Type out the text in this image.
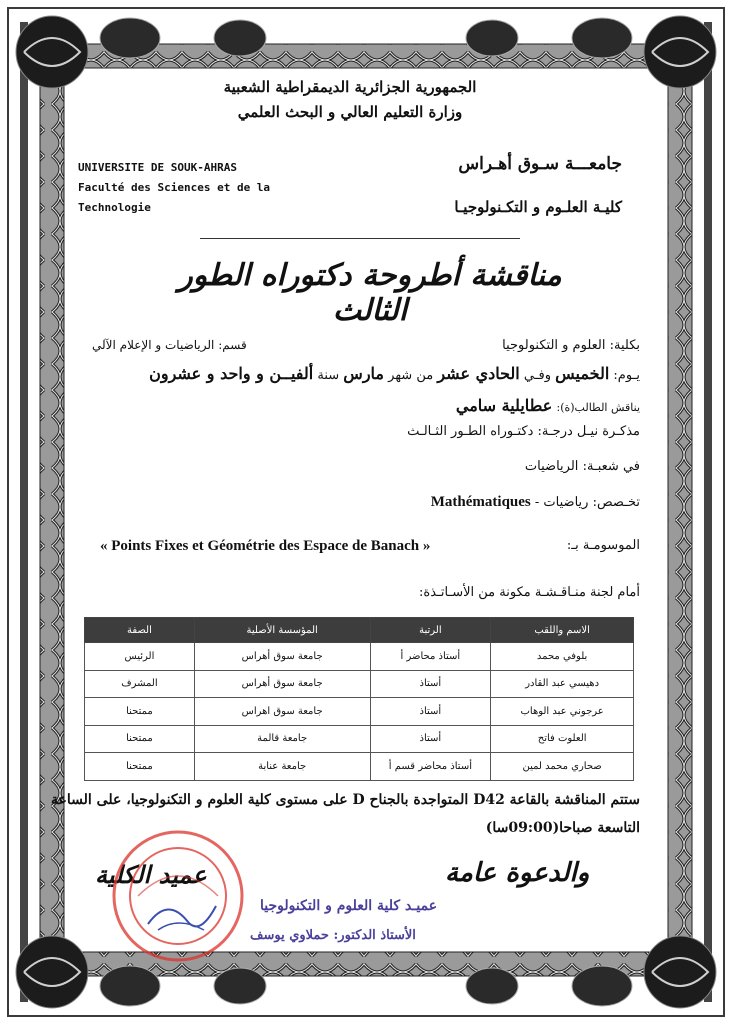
الجمهورية الجزائرية الديمقراطية الشعبية
وزارة التعليم العالي و البحث العلمي
UNIVERSITE DE SOUK-AHRAS
Faculté des Sciences et de la
Technologie
جامعـــة سـوق أهـراس
كليـة العلـوم و التكـنولوجيـا
مناقشة أطروحة دكتوراه الطور الثالث
بكلية: العلوم و التكنولوجيا
قسم: الرياضيات و الإعلام الآلي
يـوم: الخميس وفـي الحادي عشر من شهر مارس سنة ألفيــن و واحد و عشرون
يناقش الطالب(ة): عطايلية سامي
مذكـرة نيـل درجـة: دكتـوراه الطـور الثـالـث
في شعبـة: الرياضيات
تخـصص: رياضيات - Mathématiques
الموسومـة بـ:
« Points Fixes et Géométrie des Espace de Banach »
أمام لجنة منـاقـشـة مكونة من الأسـاتـذة:
الاسم واللقب	الرتبة	المؤسسة الأصلية	الصفة
بلوفي محمد	أستاذ محاضر أ	جامعة سوق أهراس	الرئيس
دهيسي عبد القادر	أستاذ	جامعة سوق أهراس	المشرف
عرجوني عبد الوهاب	أستاذ	جامعة سوق اهراس	ممتحنا
العلوت فاتح	أستاذ	جامعة قالمة	ممتحنا
صحاري محمد لمين	أستاذ محاضر قسم أ	جامعة عنابة	ممتحنا
ستتم المناقشة بالقاعة D42 المتواجدة بالجناح D على مستوى كلية العلوم و التكنولوجيا، على الساعة
التاسعة صباحا(09:00سا)
والدعوة عامة
عميد الكلية
عميـد كلية العلوم و التكنولوجيا
الأستاذ الدكتور: حملاوي يوسف
